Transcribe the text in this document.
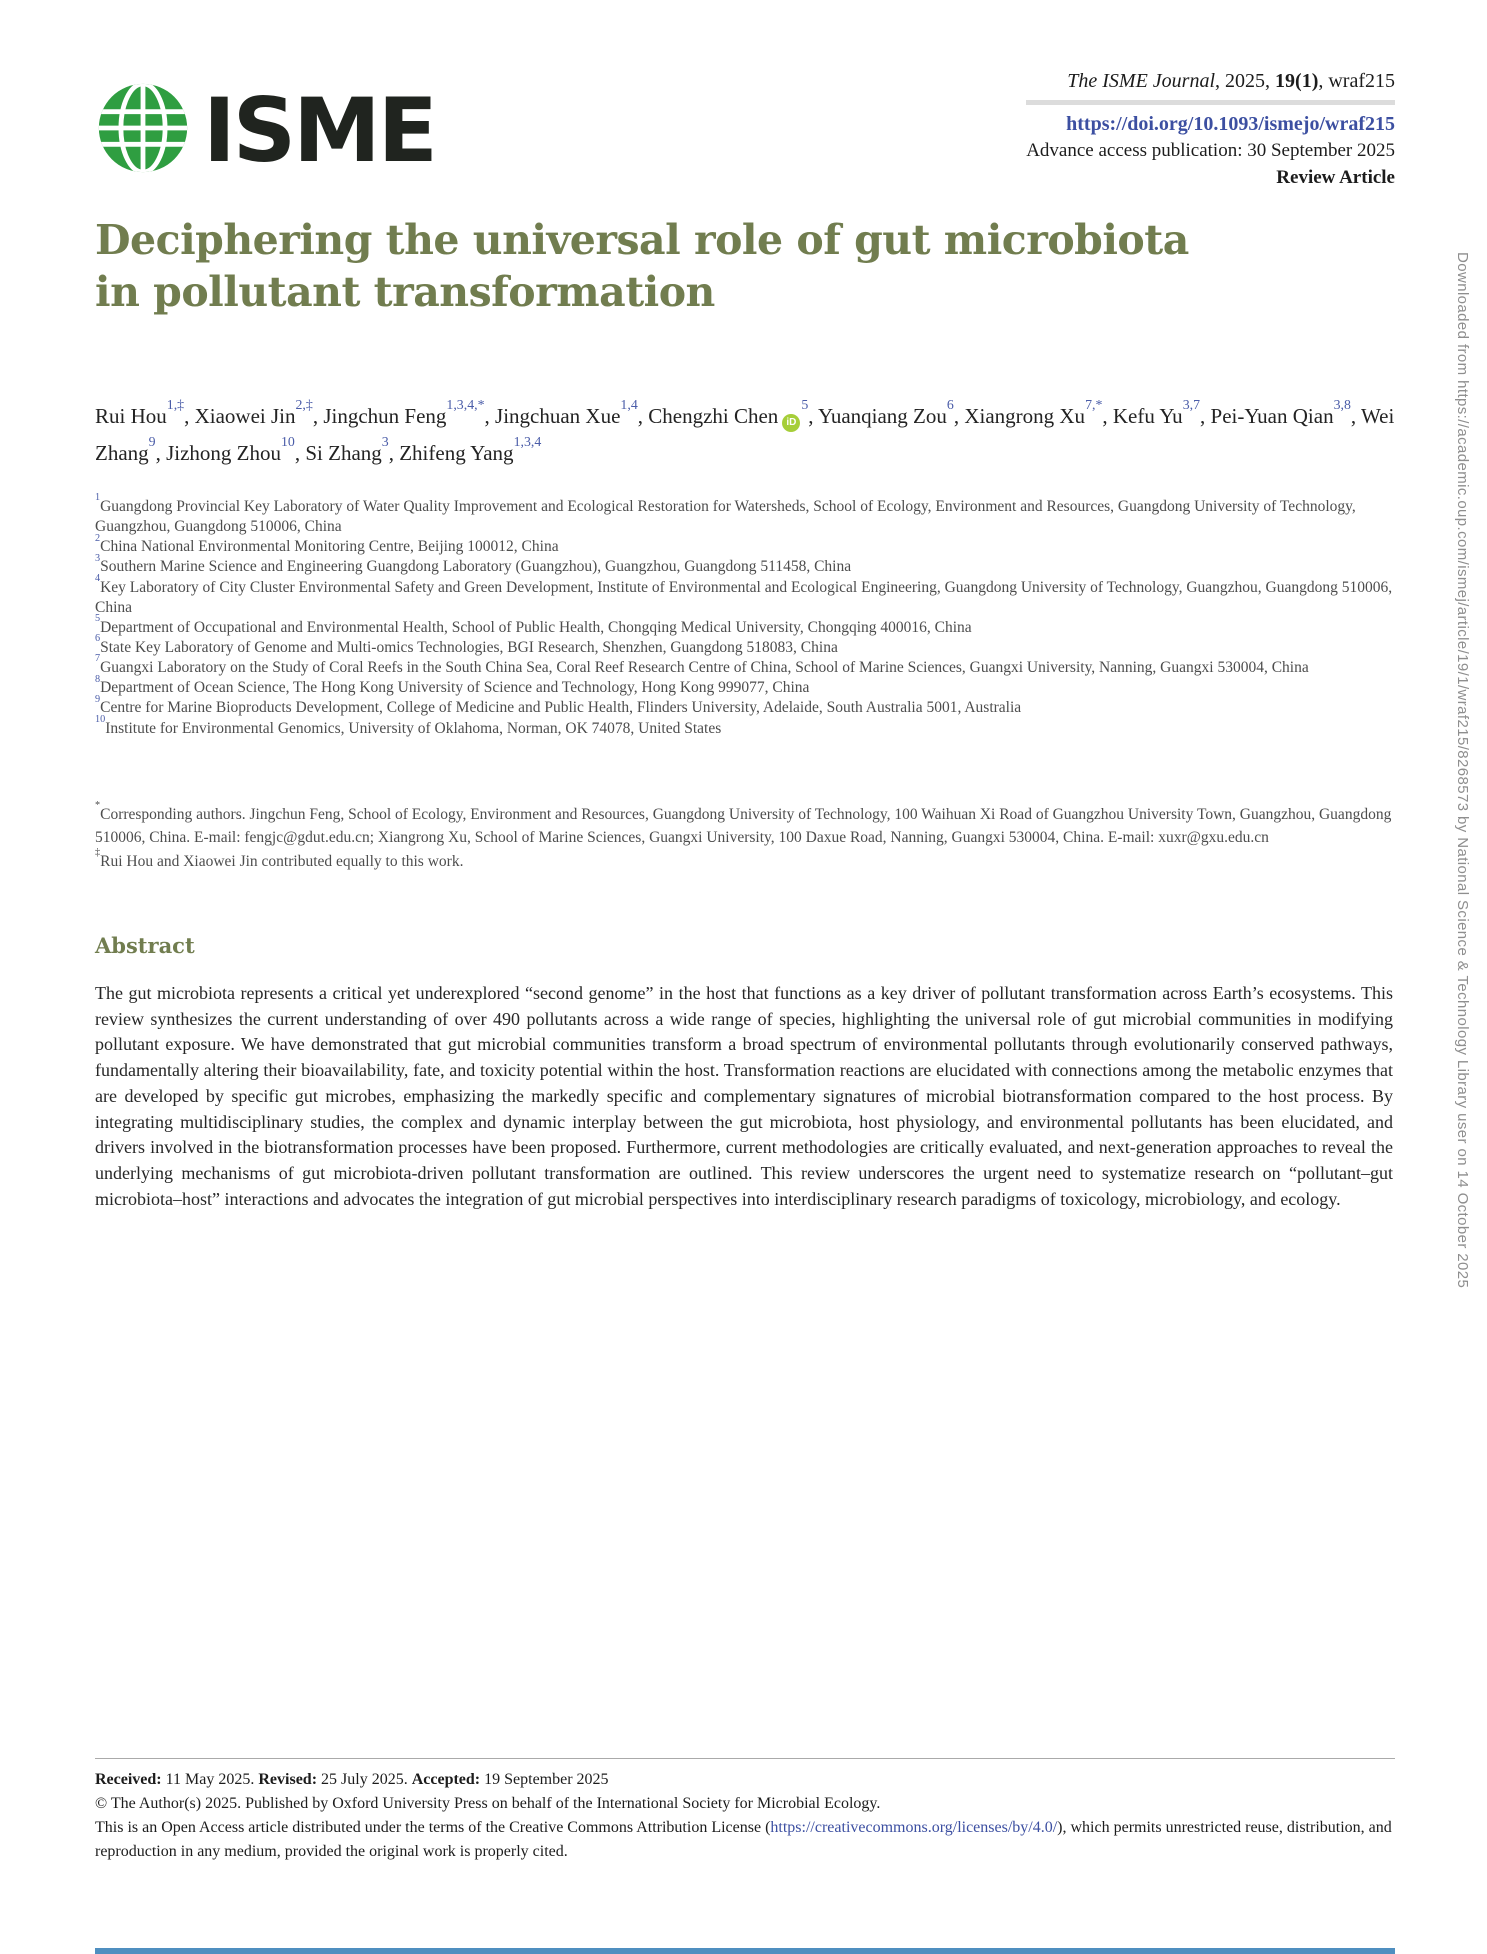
The ISME Journal, 2025, 19(1), wraf215
https://doi.org/10.1093/ismejo/wraf215
Advance access publication: 30 September 2025
Review Article
ISME
Deciphering the universal role of gut microbiota in pollutant transformation
Rui Hou$^{1,\ddagger}$, Xiaowei Jin$^{2,\ddagger}$, Jingchun Feng$^{1,3,4,*}$, Jingchuan Xue$^{1,4}$, Chengzhi Chen $iD^5$, Yuanqiang Zou$^6$, Xiangrong $Xu^{7,*}$, Kefu Yu$^{3,7}$, Pei-Yuan Qian$^{3,8}$, Wei Zhang$^9$, Jizhong Zhou$^{10}$, Si Zhang$^3$, Zhifeng Yang$^{1,3,4}$
$^1$Guangdong Provincial Key Laboratory of Water Quality Improvement and Ecological Restoration for Watersheds, School of Ecology, Environment and Resources, Guangdong University of Technology, Guangzhou, Guangdong 510006, China
$^2$China National Environmental Monitoring Centre, Beijing 100012, China
$^3$Southern Marine Science and Engineering Guangdong Laboratory (Guangzhou), Guangzhou, Guangdong 511458, China
$^4$Key Laboratory of City Cluster Environmental Safety and Green Development, Institute of Environmental and Ecological Engineering, Guangdong University of Technology, Guangzhou, Guangdong 510006, China
$^5$Department of Occupational and Environmental Health, School of Public Health, Chongqing Medical University, Chongqing 400016, China
$^6$State Key Laboratory of Genome and Multi-omics Technologies, BGI Research, Shenzhen, Guangdong 518083, China
$^7$Guangxi Laboratory on the Study of Coral Reefs in the South China Sea, Coral Reef Research Centre of China, School of Marine Sciences, Guangxi University, Nanning, Guangxi 530004, China
$^8$Department of Ocean Science, The Hong Kong University of Science and Technology, Hong Kong 999077, China
$^9$Centre for Marine Bioproducts Development, College of Medicine and Public Health, Flinders University, Adelaide, South Australia 5001, Australia
$^{10}$Institute for Environmental Genomics, University of Oklahoma, Norman, OK 74078, United States
*Corresponding authors. Jingchun Feng, School of Ecology, Environment and Resources, Guangdong University of Technology, 100 Waihuan Xi Road of Guangzhou University Town, Guangzhou, Guangdong 510006, China. E-mail: fengjc@gdut.edu.cn; Xiangrong Xu, School of Marine Sciences, Guangxi University, 100 Daxue Road, Nanning, Guangxi 530004, China. E-mail: xuxr@gxu.edu.cn
‡Rui Hou and Xiaowei Jin contributed equally to this work.
Abstract

The gut microbiota represents a critical yet underexplored “second genome” in the host that functions as a key driver of pollutant transformation across Earth’s ecosystems. This review synthesizes the current understanding of over 490 pollutants across a wide range of species, highlighting the universal role of gut microbial communities in modifying pollutant exposure. We have demonstrated that gut microbial communities transform a broad spectrum of environmental pollutants through evolutionarily conserved pathways, fundamentally altering their bioavailability, fate, and toxicity potential within the host. Transformation reactions are elucidated with connections among the metabolic enzymes that are developed by specific gut microbes, emphasizing the markedly specific and complementary signatures of microbial biotransformation compared to the host process. By integrating multidisciplinary studies, the complex and dynamic interplay between the gut microbiota, host physiology, and environmental pollutants has been elucidated, and drivers involved in the biotransformation processes have been proposed. Furthermore, current methodologies are critically evaluated, and next-generation approaches to reveal the underlying mechanisms of gut microbiota-driven pollutant transformation are outlined. This review underscores the urgent need to systematize research on “pollutant–gut microbiota–host” interactions and advocates the integration of gut microbial perspectives into interdisciplinary research paradigms of toxicology, microbiology, and ecology.

Received: 11 May 2025. Revised: 25 July 2025. Accepted: 19 September 2025
© The Author(s) 2025. Published by Oxford University Press on behalf of the International Society for Microbial Ecology.
This is an Open Access article distributed under the terms of the Creative Commons Attribution License (https://creativecommons.org/licenses/by/4.0/), which permits unrestricted reuse, distribution, and reproduction in any medium, provided the original work is properly cited.
Downloaded from https://academic.oup.com/ismej/article/19/1/wraf215/8268573 by National Science & Technology Library user on 14 October 2025
